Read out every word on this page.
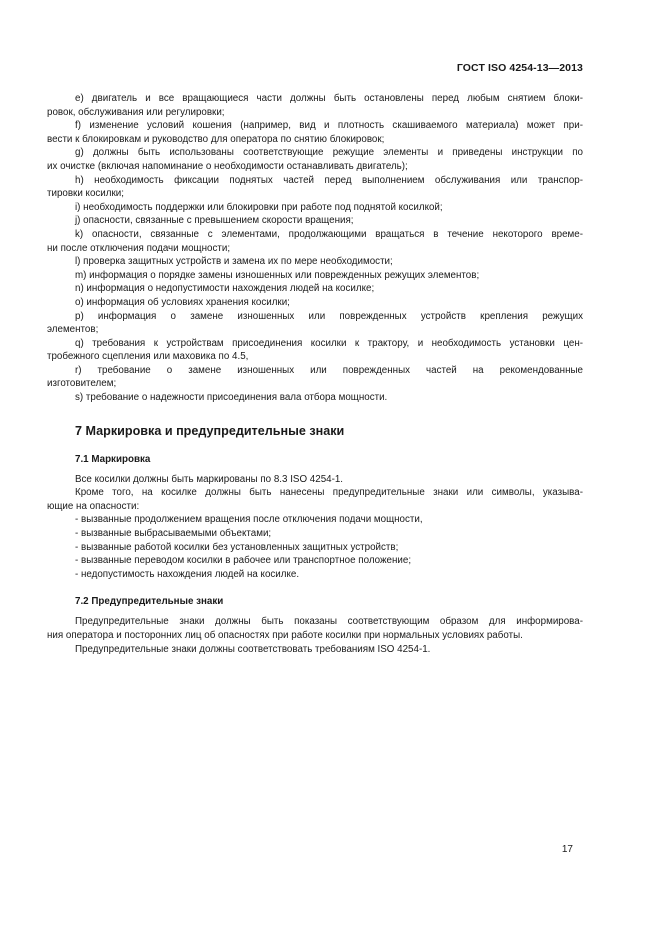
ГОСТ ISO 4254-13—2013

е) двигатель и все вращающиеся части должны быть остановлены перед любым снятием блоки-

ровок, обслуживания или регулировки;

f) изменение условий кошения (например, вид и плотность скашиваемого материала) может при-

вести к блокировкам и руководство для оператора по снятию блокировок;

g) должны быть использованы соответствующие режущие элементы и приведены инструкции по

их очистке (включая напоминание о необходимости останавливать двигатель);

h) необходимость фиксации поднятых частей перед выполнением обслуживания или транспор-

тировки косилки;

i) необходимость поддержки или блокировки при работе под поднятой косилкой;

j) опасности, связанные с превышением скорости вращения;

k) опасности, связанные с элементами, продолжающими вращаться в течение некоторого време-

ни после отключения подачи мощности;

l) проверка защитных устройств и замена их по мере необходимости;

m) информация о порядке замены изношенных или поврежденных режущих элементов;

n) информация о недопустимости нахождения людей на косилке;

o) информация об условиях хранения косилки;

p) информация о замене изношенных или поврежденных устройств крепления режущих

элементов;

q) требования к устройствам присоединения косилки к трактору, и необходимость установки цен-

тробежного сцепления или маховика по 4.5,

r) требование о замене изношенных или поврежденных частей на рекомендованные

изготовителем;

s) требование о надежности присоединения вала отбора мощности.

7 Маркировка и предупредительные знаки
7.1 Маркировка

Все косилки должны быть маркированы по 8.3 ISO 4254-1.

Кроме того, на косилке должны быть нанесены предупредительные знаки или символы, указыва-

ющие на опасности:

- вызванные продолжением вращения после отключения подачи мощности,

- вызванные выбрасываемыми объектами;

- вызванные работой косилки без установленных защитных устройств;

- вызванные переводом косилки в рабочее или транспортное положение;

- недопустимость нахождения людей на косилке.

7.2 Предупредительные знаки

Предупредительные знаки должны быть показаны соответствующим образом для информирова-

ния оператора и посторонних лиц об опасностях при работе косилки при нормальных условиях работы.

Предупредительные знаки должны соответствовать требованиям ISO 4254-1.

17
